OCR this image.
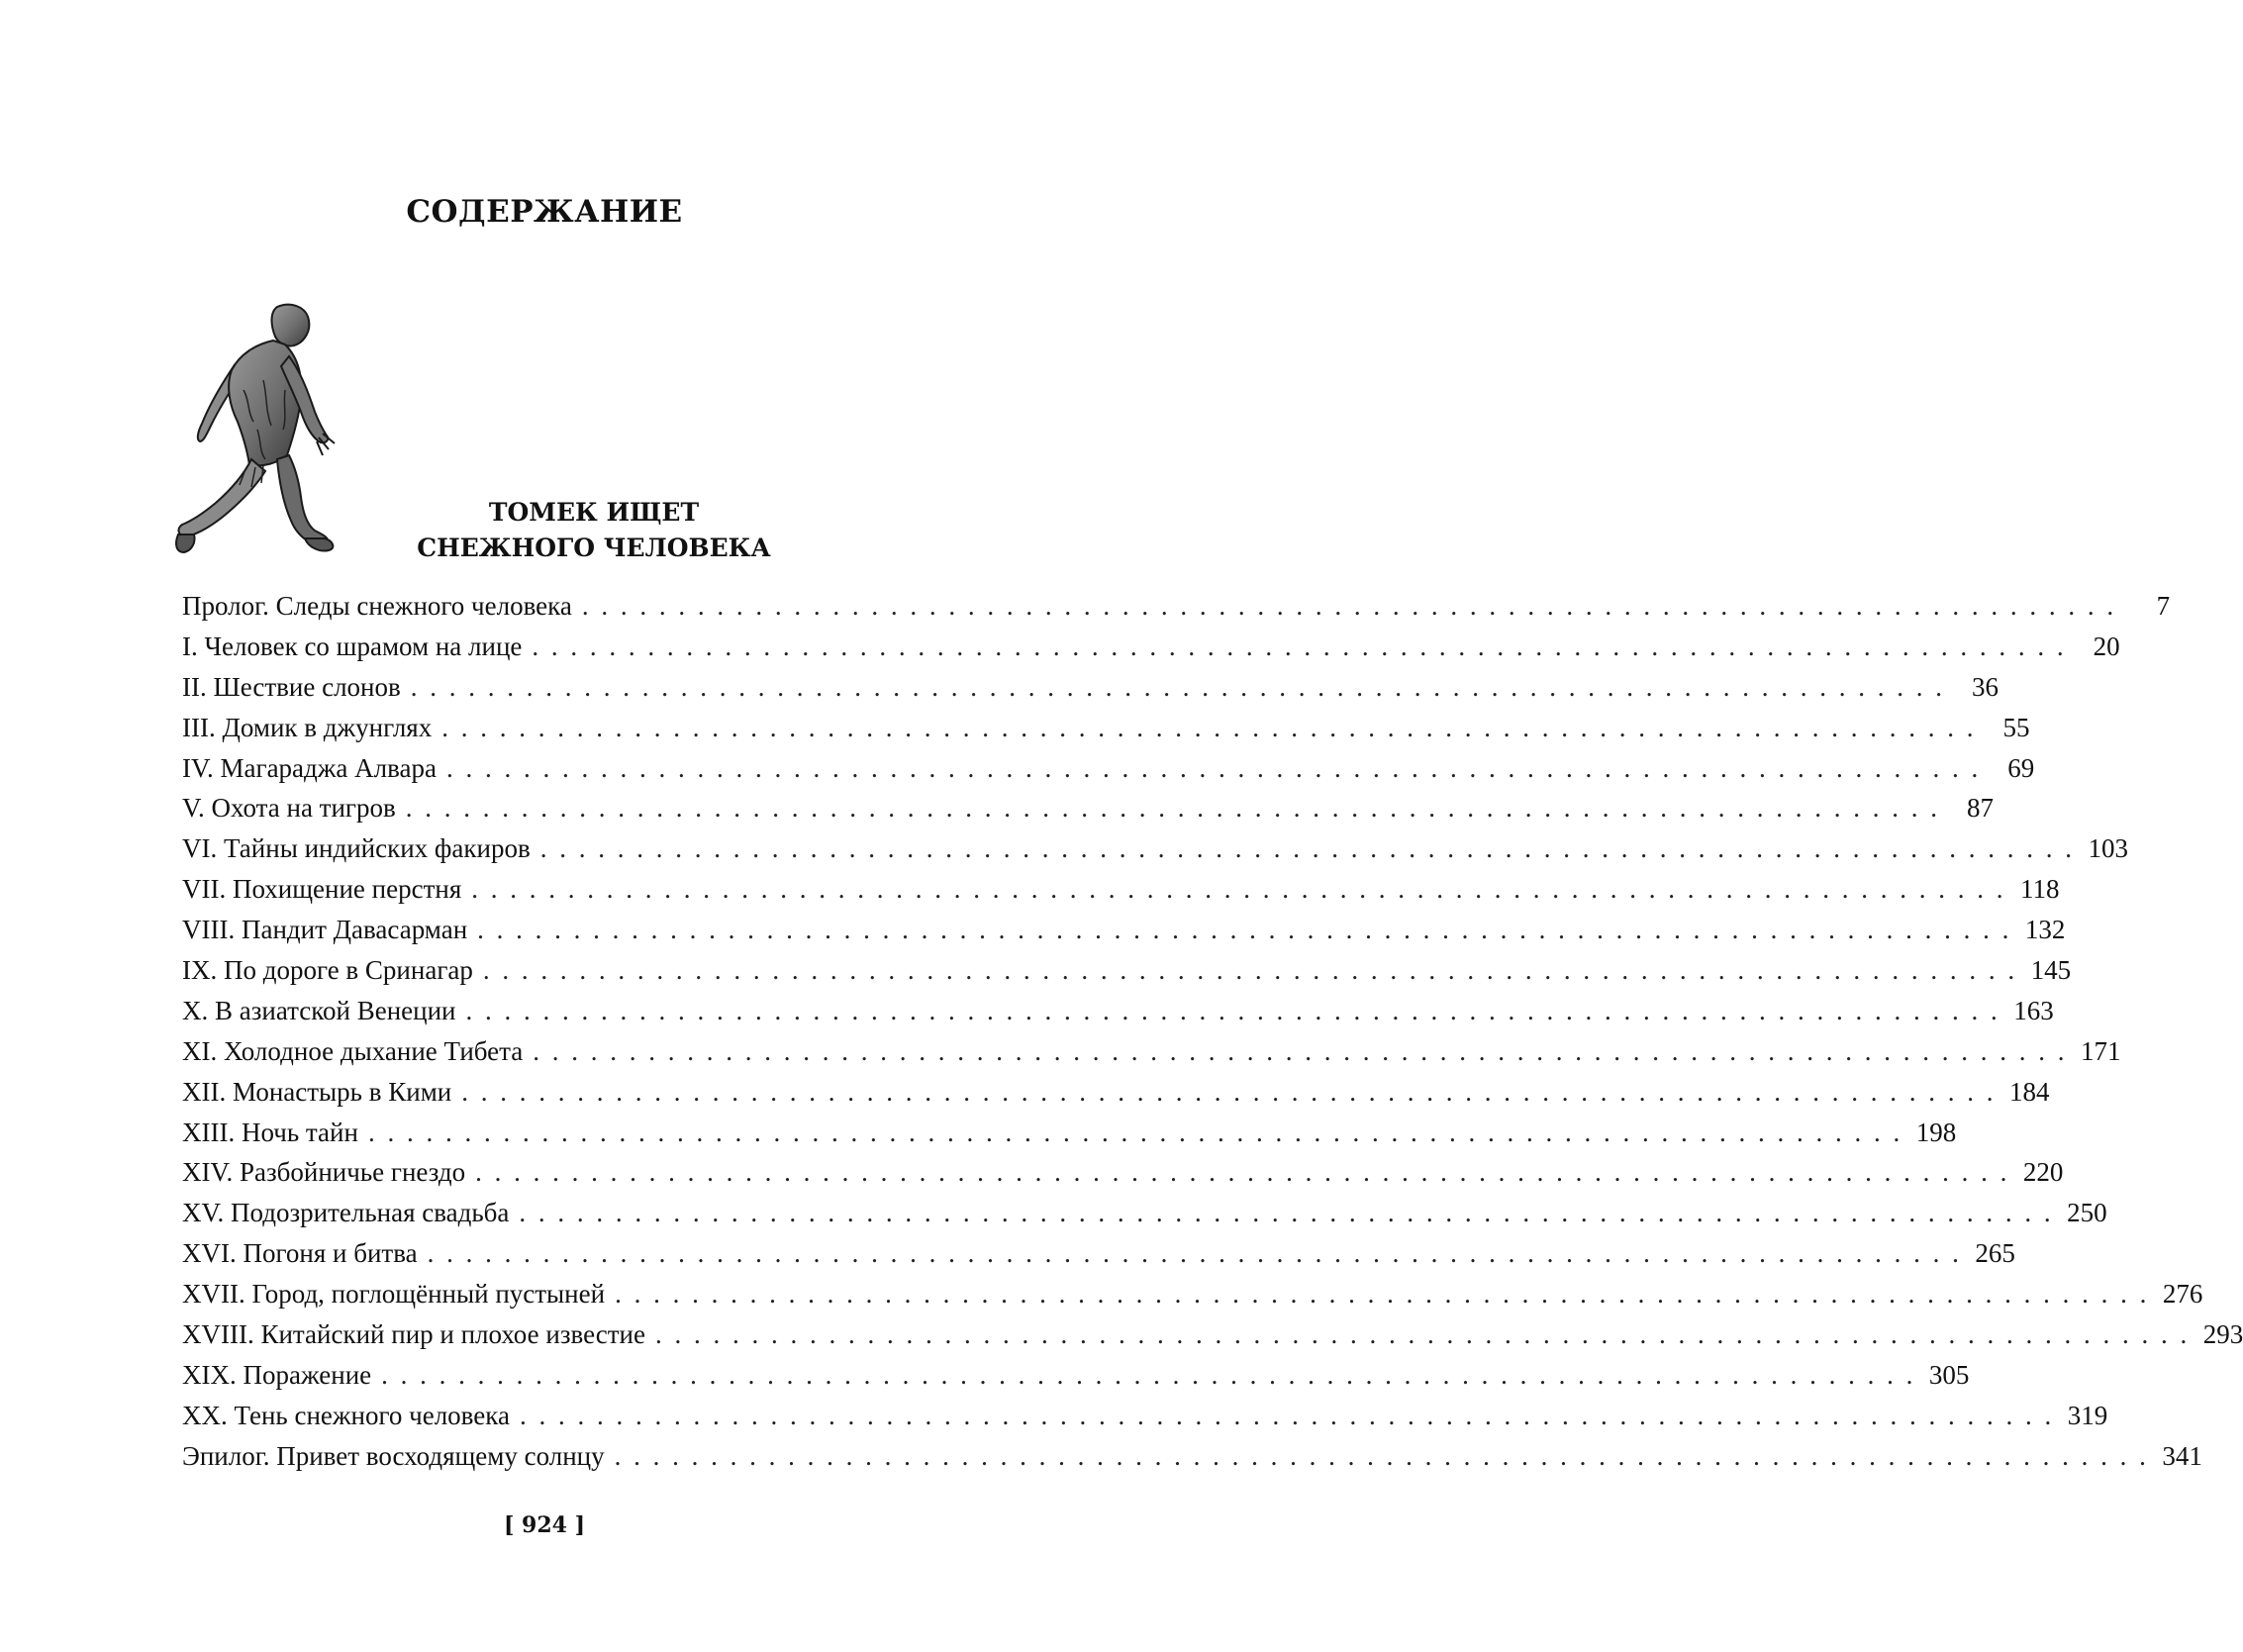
СОДЕРЖАНИЕ
ТОМЕК ИЩЕТ
СНЕЖНОГО ЧЕЛОВЕКА
Пролог. Следы снежного человека . . . . . . . . . . . . . . . . . . . . . . . . . . . . . . . . . . . . . . . . . . . . . . . . . . . . . . . . . . . . . . . . . . . . . . . . . . . . . . . .	7
I. Человек со шрамом на лице . . . . . . . . . . . . . . . . . . . . . . . . . . . . . . . . . . . . . . . . . . . . . . . . . . . . . . . . . . . . . . . . . . . . . . . . . . . . . . . .	20
II. Шествие слонов . . . . . . . . . . . . . . . . . . . . . . . . . . . . . . . . . . . . . . . . . . . . . . . . . . . . . . . . . . . . . . . . . . . . . . . . . . . . . . . .	36
III. Домик в джунглях . . . . . . . . . . . . . . . . . . . . . . . . . . . . . . . . . . . . . . . . . . . . . . . . . . . . . . . . . . . . . . . . . . . . . . . . . . . . . . . .	55
IV. Магараджа Алвара . . . . . . . . . . . . . . . . . . . . . . . . . . . . . . . . . . . . . . . . . . . . . . . . . . . . . . . . . . . . . . . . . . . . . . . . . . . . . . . .	69
V. Охота на тигров . . . . . . . . . . . . . . . . . . . . . . . . . . . . . . . . . . . . . . . . . . . . . . . . . . . . . . . . . . . . . . . . . . . . . . . . . . . . . . . .	87
VI. Тайны индийских факиров . . . . . . . . . . . . . . . . . . . . . . . . . . . . . . . . . . . . . . . . . . . . . . . . . . . . . . . . . . . . . . . . . . . . . . . . . . . . . . . . 103
VII. Похищение перстня . . . . . . . . . . . . . . . . . . . . . . . . . . . . . . . . . . . . . . . . . . . . . . . . . . . . . . . . . . . . . . . . . . . . . . . . . . . . . . . . 118
VIII. Пандит Давасарман . . . . . . . . . . . . . . . . . . . . . . . . . . . . . . . . . . . . . . . . . . . . . . . . . . . . . . . . . . . . . . . . . . . . . . . . . . . . . . . . 132
IX. По дороге в Сринагар . . . . . . . . . . . . . . . . . . . . . . . . . . . . . . . . . . . . . . . . . . . . . . . . . . . . . . . . . . . . . . . . . . . . . . . . . . . . . . . . 145
X. В азиатской Венеции . . . . . . . . . . . . . . . . . . . . . . . . . . . . . . . . . . . . . . . . . . . . . . . . . . . . . . . . . . . . . . . . . . . . . . . . . . . . . . . . 163
XI. Холодное дыхание Тибета . . . . . . . . . . . . . . . . . . . . . . . . . . . . . . . . . . . . . . . . . . . . . . . . . . . . . . . . . . . . . . . . . . . . . . . . . . . . . . . . 171
XII. Монастырь в Кими . . . . . . . . . . . . . . . . . . . . . . . . . . . . . . . . . . . . . . . . . . . . . . . . . . . . . . . . . . . . . . . . . . . . . . . . . . . . . . . . 184
XIII. Ночь тайн . . . . . . . . . . . . . . . . . . . . . . . . . . . . . . . . . . . . . . . . . . . . . . . . . . . . . . . . . . . . . . . . . . . . . . . . . . . . . . . . 198
XIV. Разбойничье гнездо . . . . . . . . . . . . . . . . . . . . . . . . . . . . . . . . . . . . . . . . . . . . . . . . . . . . . . . . . . . . . . . . . . . . . . . . . . . . . . . . 220
XV. Подозрительная свадьба . . . . . . . . . . . . . . . . . . . . . . . . . . . . . . . . . . . . . . . . . . . . . . . . . . . . . . . . . . . . . . . . . . . . . . . . . . . . . . . . 250
XVI. Погоня и битва . . . . . . . . . . . . . . . . . . . . . . . . . . . . . . . . . . . . . . . . . . . . . . . . . . . . . . . . . . . . . . . . . . . . . . . . . . . . . . . . 265
XVII. Город, поглощённый пустыней . . . . . . . . . . . . . . . . . . . . . . . . . . . . . . . . . . . . . . . . . . . . . . . . . . . . . . . . . . . . . . . . . . . . . . . . . . . . . . . . 276
XVIII. Китайский пир и плохое известие . . . . . . . . . . . . . . . . . . . . . . . . . . . . . . . . . . . . . . . . . . . . . . . . . . . . . . . . . . . . . . . . . . . . . . . . . . . . . . . . 293
XIX. Поражение . . . . . . . . . . . . . . . . . . . . . . . . . . . . . . . . . . . . . . . . . . . . . . . . . . . . . . . . . . . . . . . . . . . . . . . . . . . . . . . . 305
XX. Тень снежного человека . . . . . . . . . . . . . . . . . . . . . . . . . . . . . . . . . . . . . . . . . . . . . . . . . . . . . . . . . . . . . . . . . . . . . . . . . . . . . . . . 319
Эпилог. Привет восходящему солнцу . . . . . . . . . . . . . . . . . . . . . . . . . . . . . . . . . . . . . . . . . . . . . . . . . . . . . . . . . . . . . . . . . . . . . . . . . . . . . . . . 341
[ 924 ]
